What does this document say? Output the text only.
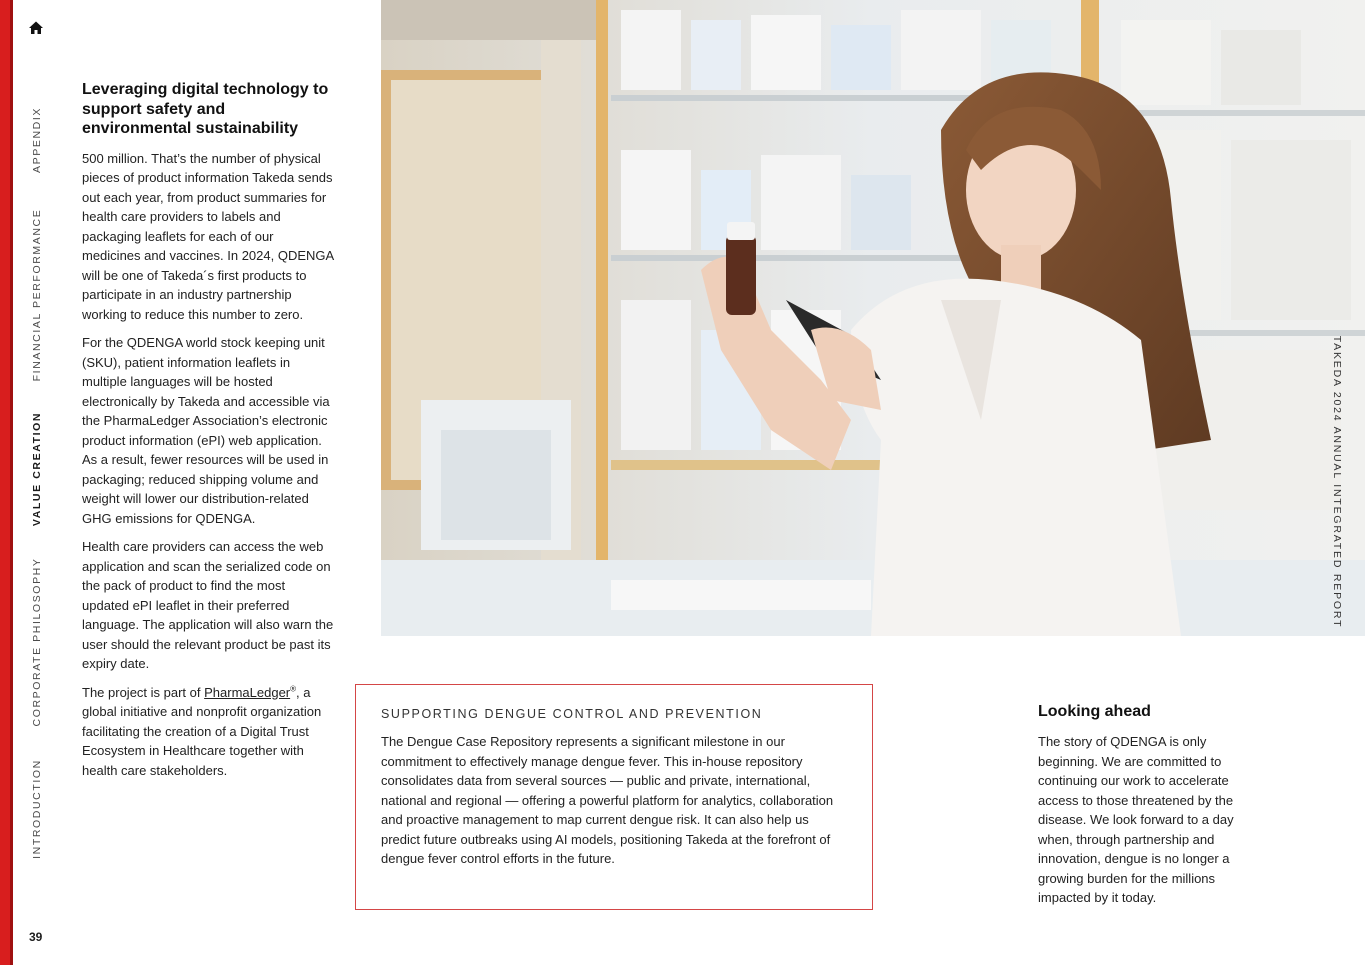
APPENDIX
FINANCIAL PERFORMANCE
VALUE CREATION
CORPORATE PHILOSOPHY
INTRODUCTION
39
Leveraging digital technology to support safety and environmental sustainability

500 million. That’s the number of physical pieces of product information Takeda sends out each year, from product summaries for health care providers to labels and packaging leaflets for each of our medicines and vaccines. In 2024, QDENGA will be one of Takeda´s first products to participate in an industry partnership working to reduce this number to zero.

For the QDENGA world stock keeping unit (SKU), patient information leaflets in multiple languages will be hosted electronically by Takeda and accessible via the PharmaLedger Association’s electronic product information (ePI) web application. As a result, fewer resources will be used in packaging; reduced shipping volume and weight will lower our distribution-related GHG emissions for QDENGA.

Health care providers can access the web application and scan the serialized code on the pack of product to find the most updated ePI leaflet in their preferred language. The application will also warn the user should the relevant product be past its expiry date.

The project is part of PharmaLedger®, a global initiative and nonprofit organization facilitating the creation of a Digital Trust Ecosystem in Healthcare together with health care stakeholders.

TAKEDA 2024 ANNUAL INTEGRATED REPORT
SUPPORTING DENGUE CONTROL AND PREVENTION

The Dengue Case Repository represents a significant milestone in our commitment to effectively manage dengue fever. This in-house repository consolidates data from several sources — public and private, international, national and regional — offering a powerful platform for analytics, collaboration and proactive management to map current dengue risk. It can also help us predict future outbreaks using AI models, positioning Takeda at the forefront of dengue fever control efforts in the future.

Looking ahead

The story of QDENGA is only beginning. We are committed to continuing our work to accelerate access to those threatened by the disease. We look forward to a day when, through partnership and innovation, dengue is no longer a growing burden for the millions impacted by it today.
